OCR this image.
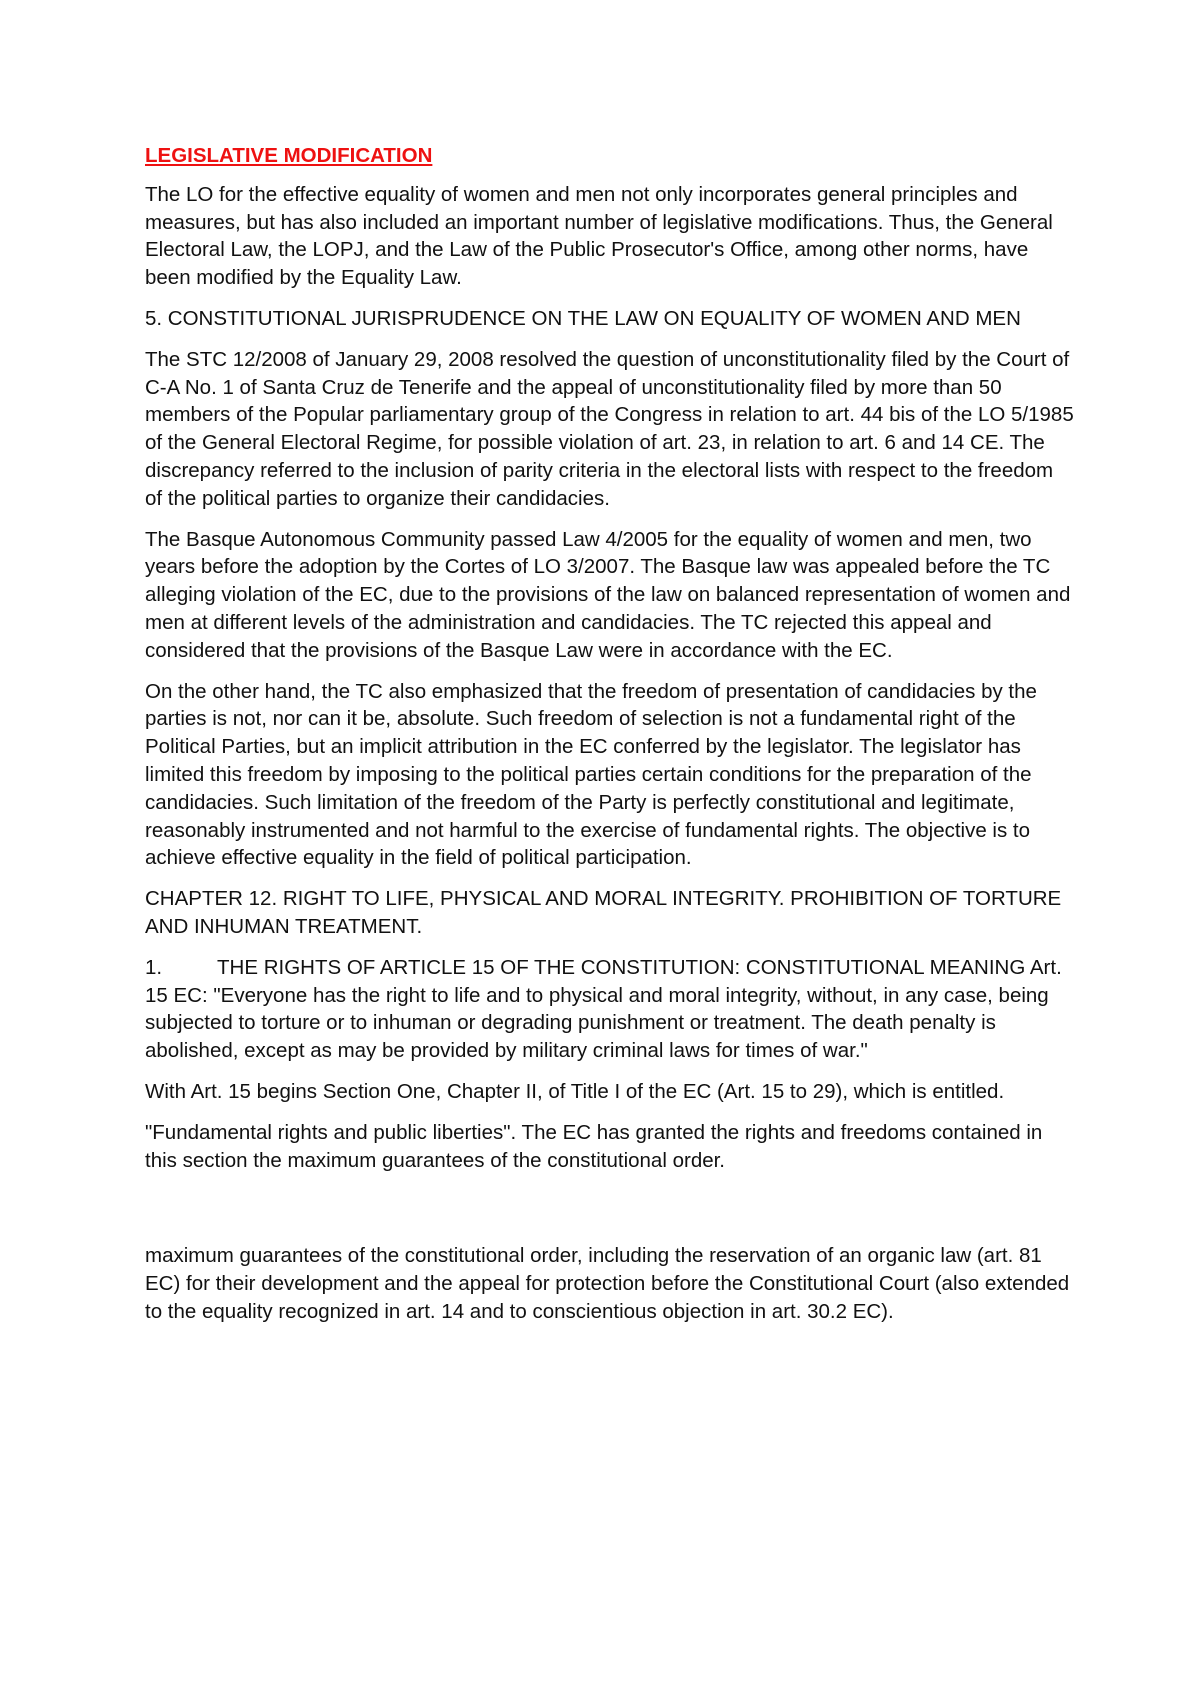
LEGISLATIVE MODIFICATION

The LO for the effective equality of women and men not only incorporates general principles and measures, but has also included an important number of legislative modifications. Thus, the General Electoral Law, the LOPJ, and the Law of the Public Prosecutor's Office, among other norms, have been modified by the Equality Law.

5. CONSTITUTIONAL JURISPRUDENCE ON THE LAW ON EQUALITY OF WOMEN AND MEN

The STC 12/2008 of January 29, 2008 resolved the question of unconstitutionality filed by the Court of C-A No. 1 of Santa Cruz de Tenerife and the appeal of unconstitutionality filed by more than 50 members of the Popular parliamentary group of the Congress in relation to art. 44 bis of the LO 5/1985 of the General Electoral Regime, for possible violation of art. 23, in relation to art. 6 and 14 CE. The discrepancy referred to the inclusion of parity criteria in the electoral lists with respect to the freedom of the political parties to organize their candidacies.

The Basque Autonomous Community passed Law 4/2005 for the equality of women and men, two years before the adoption by the Cortes of LO 3/2007. The Basque law was appealed before the TC alleging violation of the EC, due to the provisions of the law on balanced representation of women and men at different levels of the administration and candidacies. The TC rejected this appeal and considered that the provisions of the Basque Law were in accordance with the EC.

On the other hand, the TC also emphasized that the freedom of presentation of candidacies by the parties is not, nor can it be, absolute. Such freedom of selection is not a fundamental right of the Political Parties, but an implicit attribution in the EC conferred by the legislator. The legislator has limited this freedom by imposing to the political parties certain conditions for the preparation of the candidacies. Such limitation of the freedom of the Party is perfectly constitutional and legitimate, reasonably instrumented and not harmful to the exercise of fundamental rights. The objective is to achieve effective equality in the field of political participation.

CHAPTER 12. RIGHT TO LIFE, PHYSICAL AND MORAL INTEGRITY. PROHIBITION OF TORTURE AND INHUMAN TREATMENT.

1.	THE RIGHTS OF ARTICLE 15 OF THE CONSTITUTION: CONSTITUTIONAL MEANING Art. 15 EC: "Everyone has the right to life and to physical and moral integrity, without, in any case, being subjected to torture or to inhuman or degrading punishment or treatment. The death penalty is abolished, except as may be provided by military criminal laws for times of war."

With Art. 15 begins Section One, Chapter II, of Title I of the EC (Art. 15 to 29), which is entitled.

"Fundamental rights and public liberties". The EC has granted the rights and freedoms contained in this section the maximum guarantees of the constitutional order.

maximum guarantees of the constitutional order, including the reservation of an organic law (art. 81 EC) for their development and the appeal for protection before the Constitutional Court (also extended to the equality recognized in art. 14 and to conscientious objection in art. 30.2 EC).
